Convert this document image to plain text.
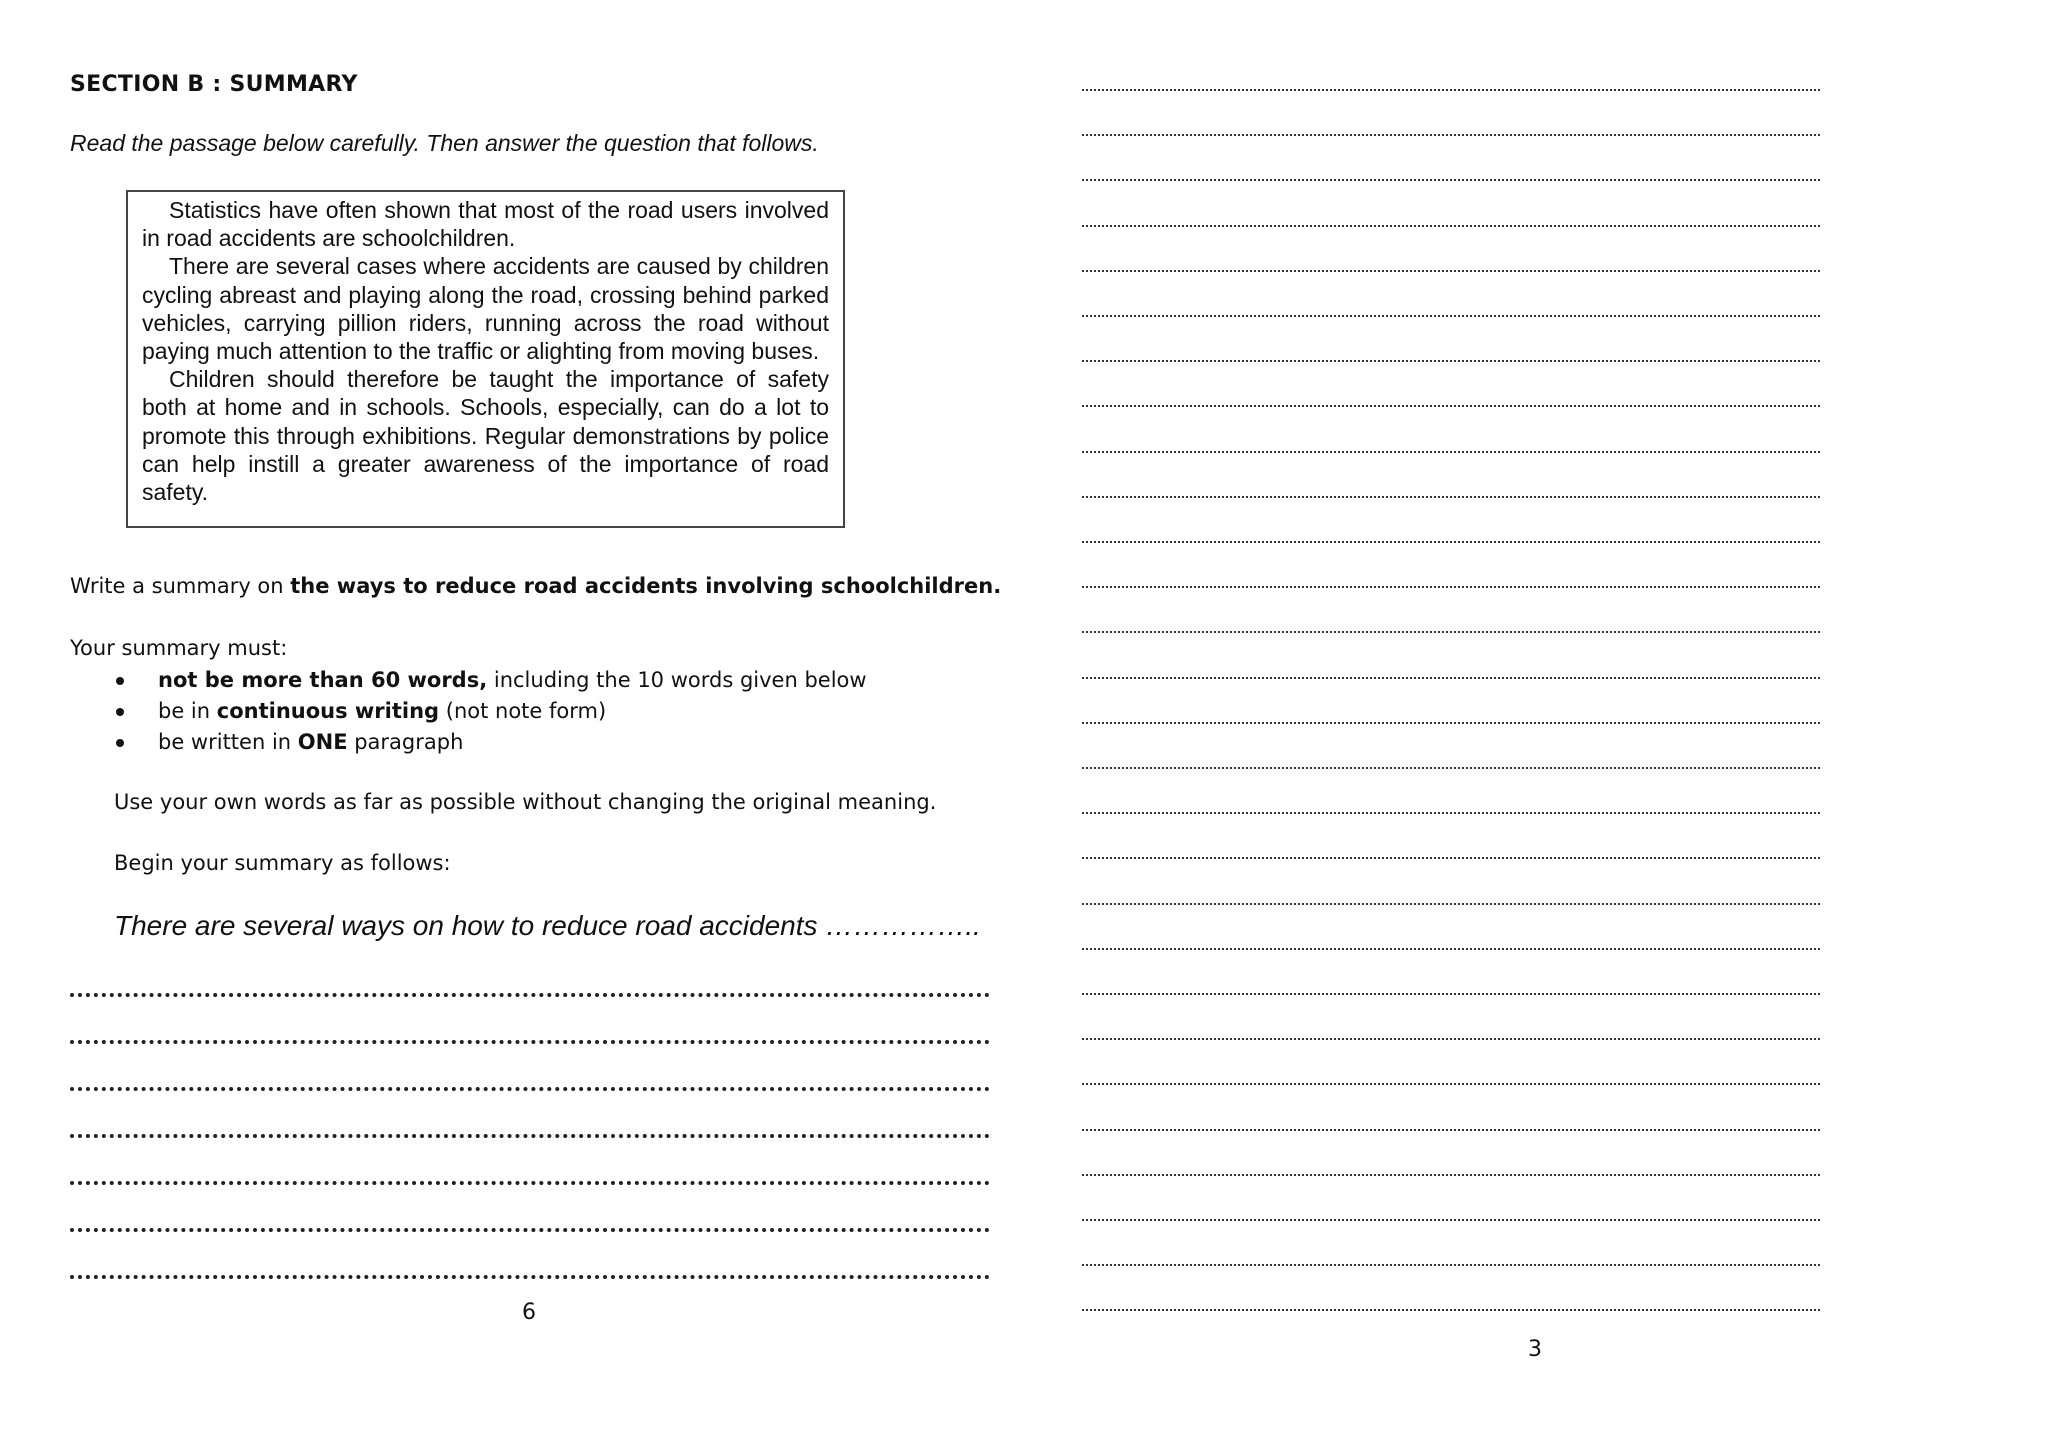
SECTION B : SUMMARY
Read the passage below carefully. Then answer the question that follows.

Statistics have often shown that most of the road users involved in road accidents are schoolchildren.

There are several cases where accidents are caused by children cycling abreast and playing along the road, crossing behind parked vehicles, carrying pillion riders, running across the road without paying much attention to the traffic or alighting from moving buses.

Children should therefore be taught the importance of safety both at home and in schools. Schools, especially, can do a lot to promote this through exhibitions. Regular demonstrations by police can help instill a greater awareness of the importance of road safety.

Write a summary on the ways to reduce road accidents involving schoolchildren.
Your summary must:
not be more than 60 words, including the 10 words given below
be in continuous writing (not note form)
be written in ONE paragraph
Use your own words as far as possible without changing the original meaning.
Begin your summary as follows:
There are several ways on how to reduce road accidents ……………..
6
3
